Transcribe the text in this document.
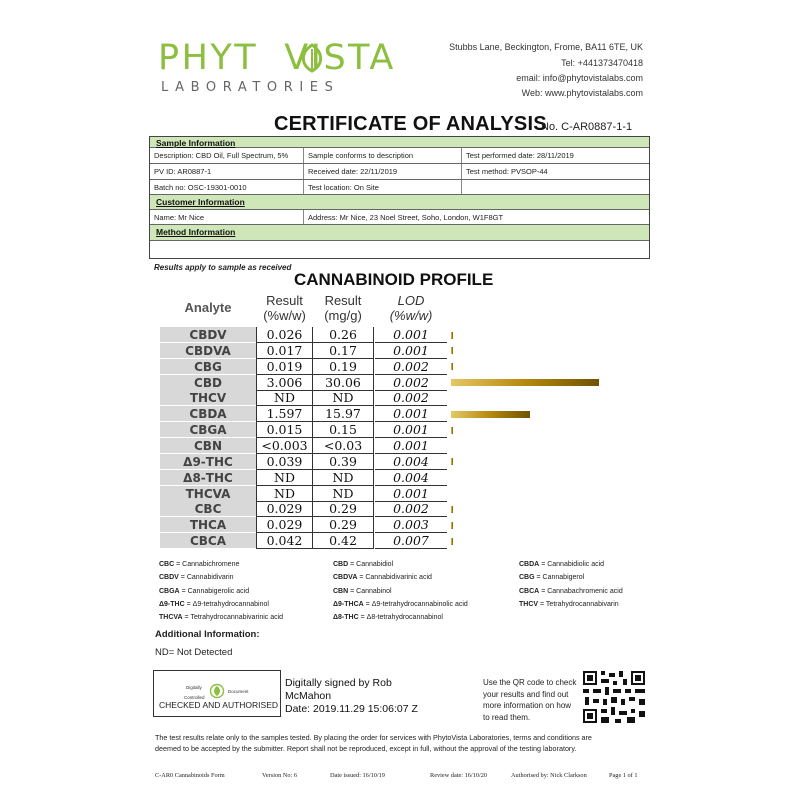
PHYT VISTA
LABORATORIES
Stubbs Lane, Beckington, Frome, BA11 6TE, UK
Tel: +441373470418
email: info@phytovistalabs.com
Web: www.phytovistalabs.com
CERTIFICATE OF ANALYSIS
No. C-AR0887-1-1
Sample Information
Description: CBD Oil, Full Spectrum, 5%	Sample conforms to description	Test performed date: 28/11/2019
PV ID: AR0887-1	Received date: 22/11/2019	Test method: PVSOP-44
Batch no: OSC-19301-0010	Test location: On Site
Customer Information
Name: Mr Nice	Address: Mr Nice, 23 Noel Street, Soho, London, W1F8GT
Method Information
Results apply to sample as received
CANNABINOID PROFILE
Analyte	Result
(%w/w)
Result
(mg/g)
LOD
(%w/w)
CBDV	0.026	0.26	0.001
CBDVA	0.017	0.17	0.001
CBG	0.019	0.19	0.002
CBD	3.006	30.06	0.002
THCV	ND	ND	0.002
CBDA	1.597	15.97	0.001
CBGA	0.015	0.15	0.001
CBN	<0.003	<0.03	0.001
Δ9-THC	0.039	0.39	0.004
Δ8-THC	ND	ND	0.004
THCVA	ND	ND	0.001
CBC	0.029	0.29	0.002
THCA	0.029	0.29	0.003
CBCA	0.042	0.42	0.007
CBC = Cannabichromene
CBDV = Cannabidivarin
CBGA = Cannabigerolic acid
Δ9-THC = Δ9-tetrahydrocannabinol
THCVA = Tetrahydrocannabivarinic acid
CBD = Cannabidiol
CBDVA = Cannabidivarinic acid
CBN = Cannabinol
Δ9-THCA = Δ9-tetrahydrocannabinolic acid
Δ8-THC = Δ8-tetrahydrocannabinol
CBDA = Cannabidiolic acid
CBG = Cannabigerol
CBCA = Cannabachromenic acid
THCV = Tetrahydrocannabivarin
Additional Information:
ND= Not Detected
Digitally
Document
Controlled
CHECKED AND AUTHORISED
Digitally signed by Rob
McMahon
Date: 2019.11.29 15:06:07 Z
Use the QR code to check
your results and find out
more information on how
to read them.
The test results relate only to the samples tested. By placing the order for services with PhytoVista Laboratories, terms and conditions are
deemed to be accepted by the submitter. Report shall not be reproduced, except in full, without the approval of the testing laboratory.
C-AR0 Cannabinoids Form	Version No: 6	Date issued: 16/10/19	Review date: 16/10/20	Authorised by: Nick Clarkson	Page 1 of 1
